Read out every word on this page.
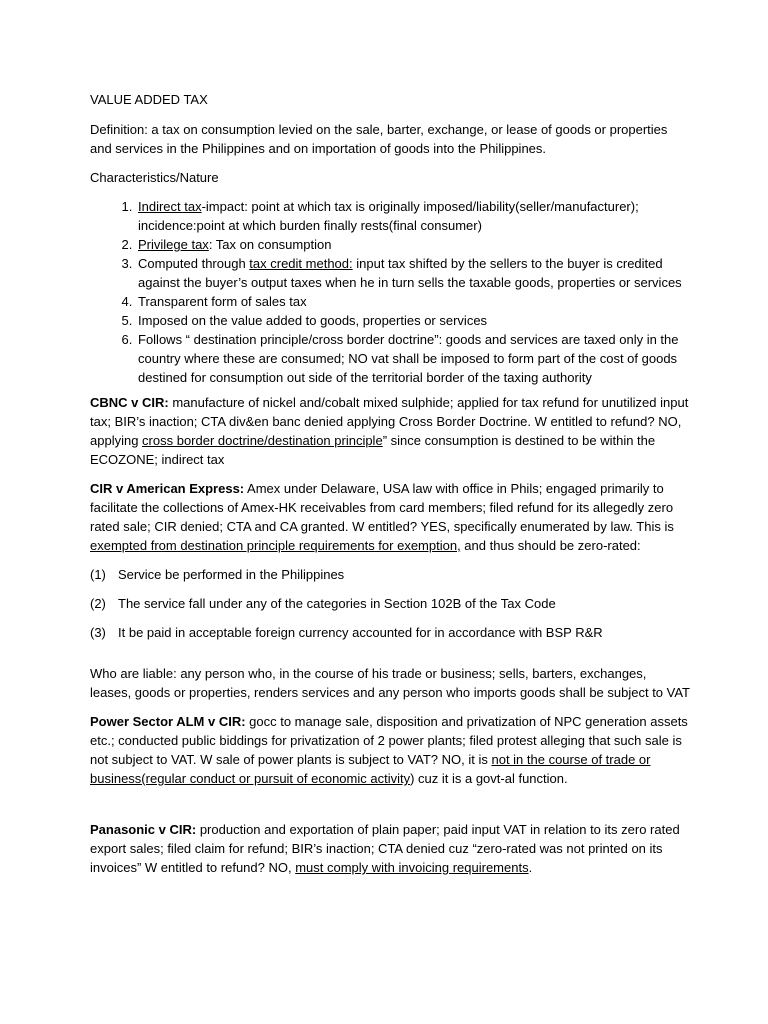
VALUE ADDED TAX

Definition: a tax on consumption levied on the sale, barter, exchange, or lease of goods or properties and services in the Philippines and on importation of goods into the Philippines.

Characteristics/Nature

1. Indirect tax-impact: point at which tax is originally imposed/liability(seller/manufacturer); incidence:point at which burden finally rests(final consumer)
2. Privilege tax: Tax on consumption
3. Computed through tax credit method: input tax shifted by the sellers to the buyer is credited against the buyer’s output taxes when he in turn sells the taxable goods, properties or services
4. Transparent form of sales tax
5. Imposed on the value added to goods, properties or services
6. Follows “ destination principle/cross border doctrine”: goods and services are taxed only in the country where these are consumed; NO vat shall be imposed to form part of the cost of goods destined for consumption out side of the territorial border of the taxing authority

CBNC v CIR: manufacture of nickel and/cobalt mixed sulphide; applied for tax refund for unutilized input tax; BIR’s inaction; CTA div&en banc denied applying Cross Border Doctrine. W entitled to refund? NO, applying cross border doctrine/destination principle” since consumption is destined to be within the ECOZONE; indirect tax

CIR v American Express: Amex under Delaware, USA law with office in Phils; engaged primarily to facilitate the collections of Amex-HK receivables from card members; filed refund for its allegedly zero rated sale; CIR denied; CTA and CA granted. W entitled? YES, specifically enumerated by law. This is exempted from destination principle requirements for exemption, and thus should be zero-rated:

(1) Service be performed in the Philippines
(2) The service fall under any of the categories in Section 102B of the Tax Code
(3) It be paid in acceptable foreign currency accounted for in accordance with BSP R&R

Who are liable: any person who, in the course of his trade or business; sells, barters, exchanges, leases, goods or properties, renders services and any person who imports goods shall be subject to VAT

Power Sector ALM v CIR: gocc to manage sale, disposition and privatization of NPC generation assets etc.; conducted public biddings for privatization of 2 power plants; filed protest alleging that such sale is not subject to VAT. W sale of power plants is subject to VAT? NO, it is not in the course of trade or business(regular conduct or pursuit of economic activity) cuz it is a govt-al function.

Panasonic v CIR: production and exportation of plain paper; paid input VAT in relation to its zero rated export sales; filed claim for refund; BIR’s inaction; CTA denied cuz “zero-rated was not printed on its invoices” W entitled to refund? NO, must comply with invoicing requirements.
